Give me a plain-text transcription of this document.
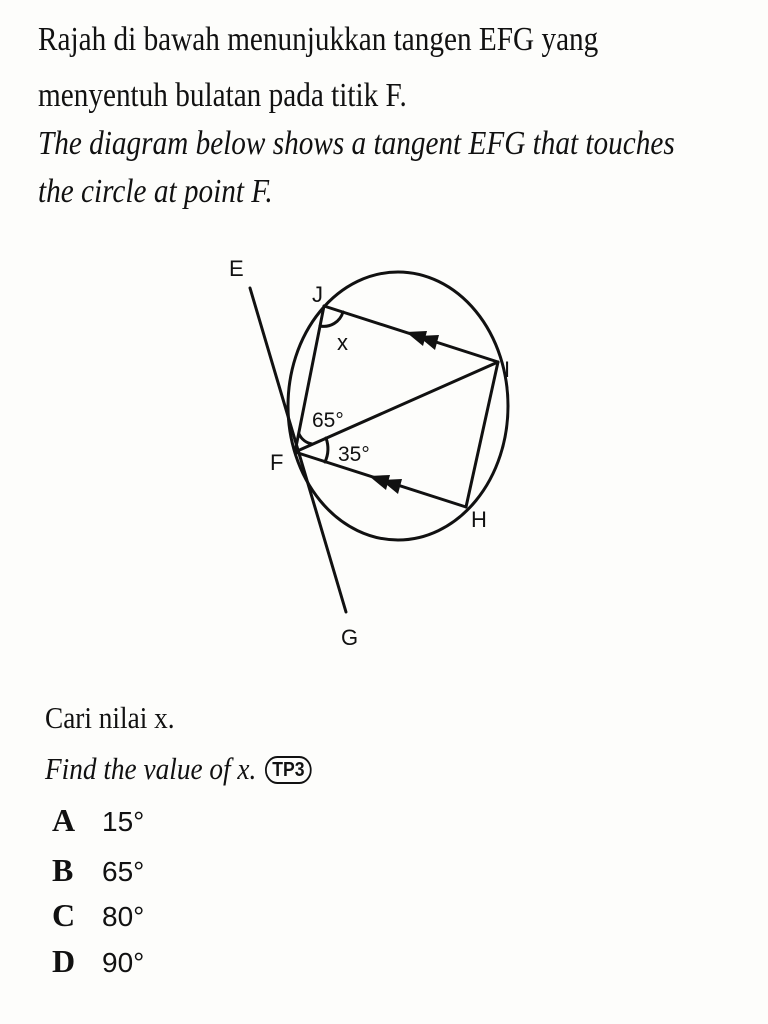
Rajah di bawah menunjukkan tangen EFG yang
menyentuh bulatan pada titik F.
The diagram below shows a tangent EFG that touches
the circle at point F.
E
J
I
F
H
G
x
65°
35°
Cari nilai x.
Find the value of x. TP3
A 15°
B 65°
C 80°
D 90°
